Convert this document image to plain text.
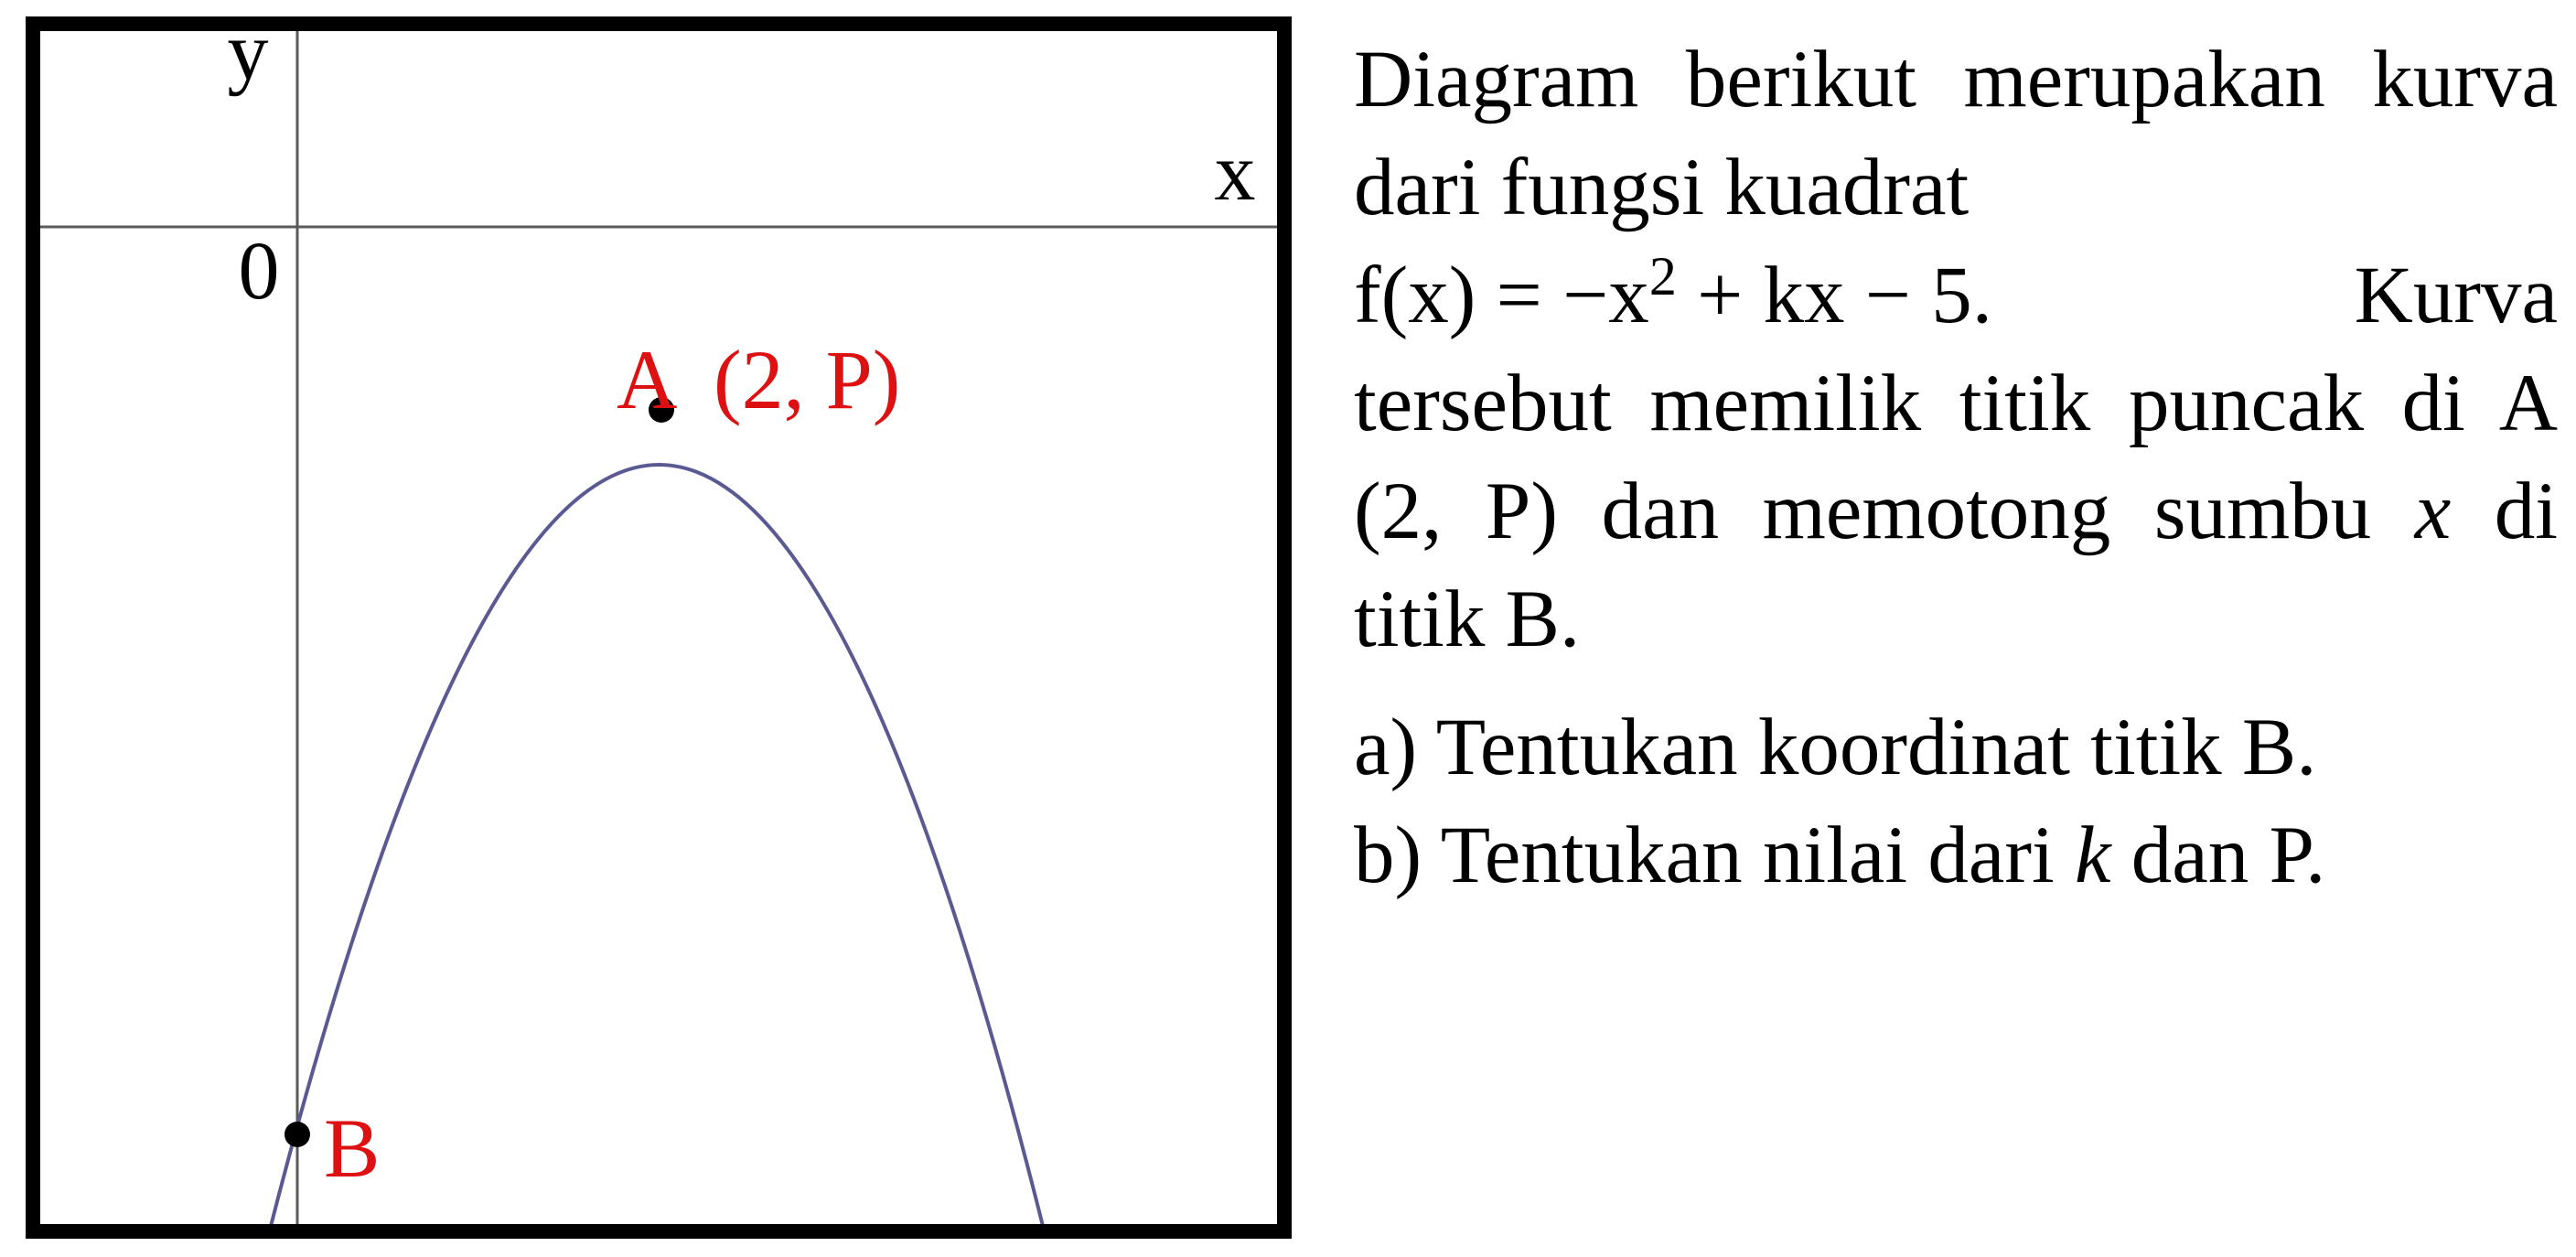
y
x
0
A (2, P)
B

Diagram berikut merupakan kurva dari fungsi kuadrat

$f(x) = -x^2$ + kx − 5.	Kurva

tersebut memilik titik puncak di A (2, P) dan memotong sumbu x di titik B.

a) Tentukan koordinat titik B.

b) Tentukan nilai dari k dan P.
